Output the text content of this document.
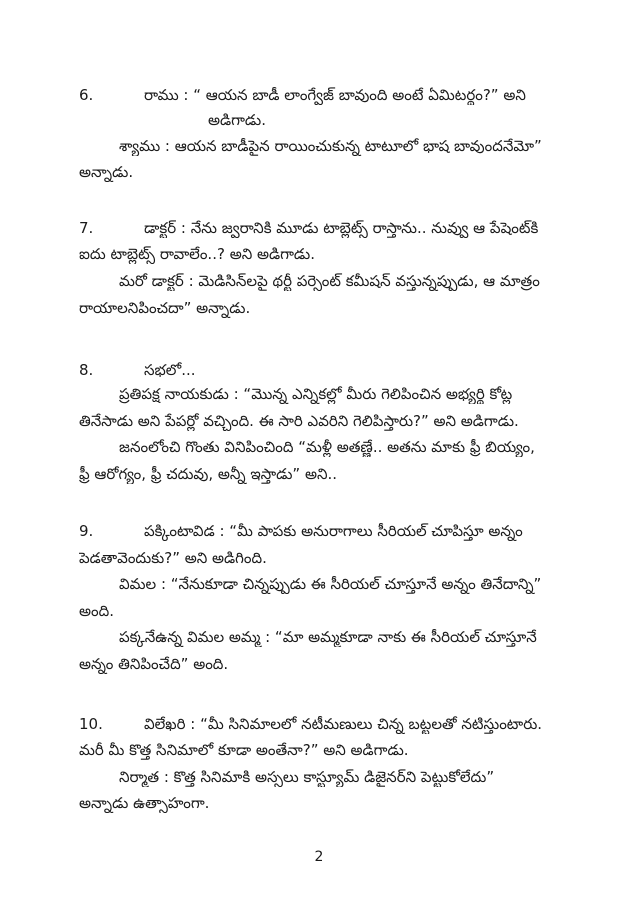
6.	రాము : “ ఆయన బాడీ లాంగ్వేజ్ బావుంది అంటే ఏమిటర్థం?” అని
అడిగాడు.
శ్యాము : ఆయన బాడీపైన రాయించుకున్న టాటూలో భాష బావుందనేమో”
అన్నాడు.
7.	డాక్టర్ : నేను జ్వరానికి మూడు టాబ్లెట్స్ రాస్తాను.. నువ్వు ఆ పేషెంట్‌కి
ఐదు టాబ్లెట్స్ రావాలేం..? అని అడిగాడు.
మరో డాక్టర్ : మెడిసిన్‌లపై థర్టీ పర్సెంట్ కమీషన్ వస్తున్నప్పుడు, ఆ మాత్రం
రాయాలనిపించదా” అన్నాడు.
8.	సభలో...
ప్రతిపక్ష నాయకుడు : “మొన్న ఎన్నికల్లో మీరు గెలిపించిన అభ్యర్థి కోట్ల
తినేసాడు అని పేపర్లో వచ్చింది. ఈ సారి ఎవరిని గెలిపిస్తారు?” అని అడిగాడు.
జనంలోంచి గొంతు వినిపించింది “మళ్లీ అతణ్ణే.. అతను మాకు ఫ్రీ బియ్యం,
ఫ్రీ ఆరోగ్యం, ఫ్రీ చదువు, అన్నీ ఇస్తాడు” అని..
9.	పక్కింటావిడ : “మీ పాపకు అనురాగాలు సీరియల్ చూపిస్తూ అన్నం
పెడతావెందుకు?” అని అడిగింది.
విమల : “నేనుకూడా చిన్నప్పుడు ఈ సీరియల్ చూస్తూనే అన్నం తినేదాన్ని”
అంది.
పక్కనేఉన్న విమల అమ్మ : “మా అమ్మకూడా నాకు ఈ సీరియల్ చూస్తూనే
అన్నం తినిపించేది” అంది.
10.	విలేఖరి : “మీ సినిమాలలో నటీమణులు చిన్న బట్టలతో నటిస్తుంటారు.
మరీ మీ కొత్త సినిమాలో కూడా అంతేనా?” అని అడిగాడు.
నిర్మాత : కొత్త సినిమాకి అస్సలు కాస్ట్యూమ్ డిజైనర్‌ని పెట్టుకోలేదు”
అన్నాడు ఉత్సాహంగా.
2
